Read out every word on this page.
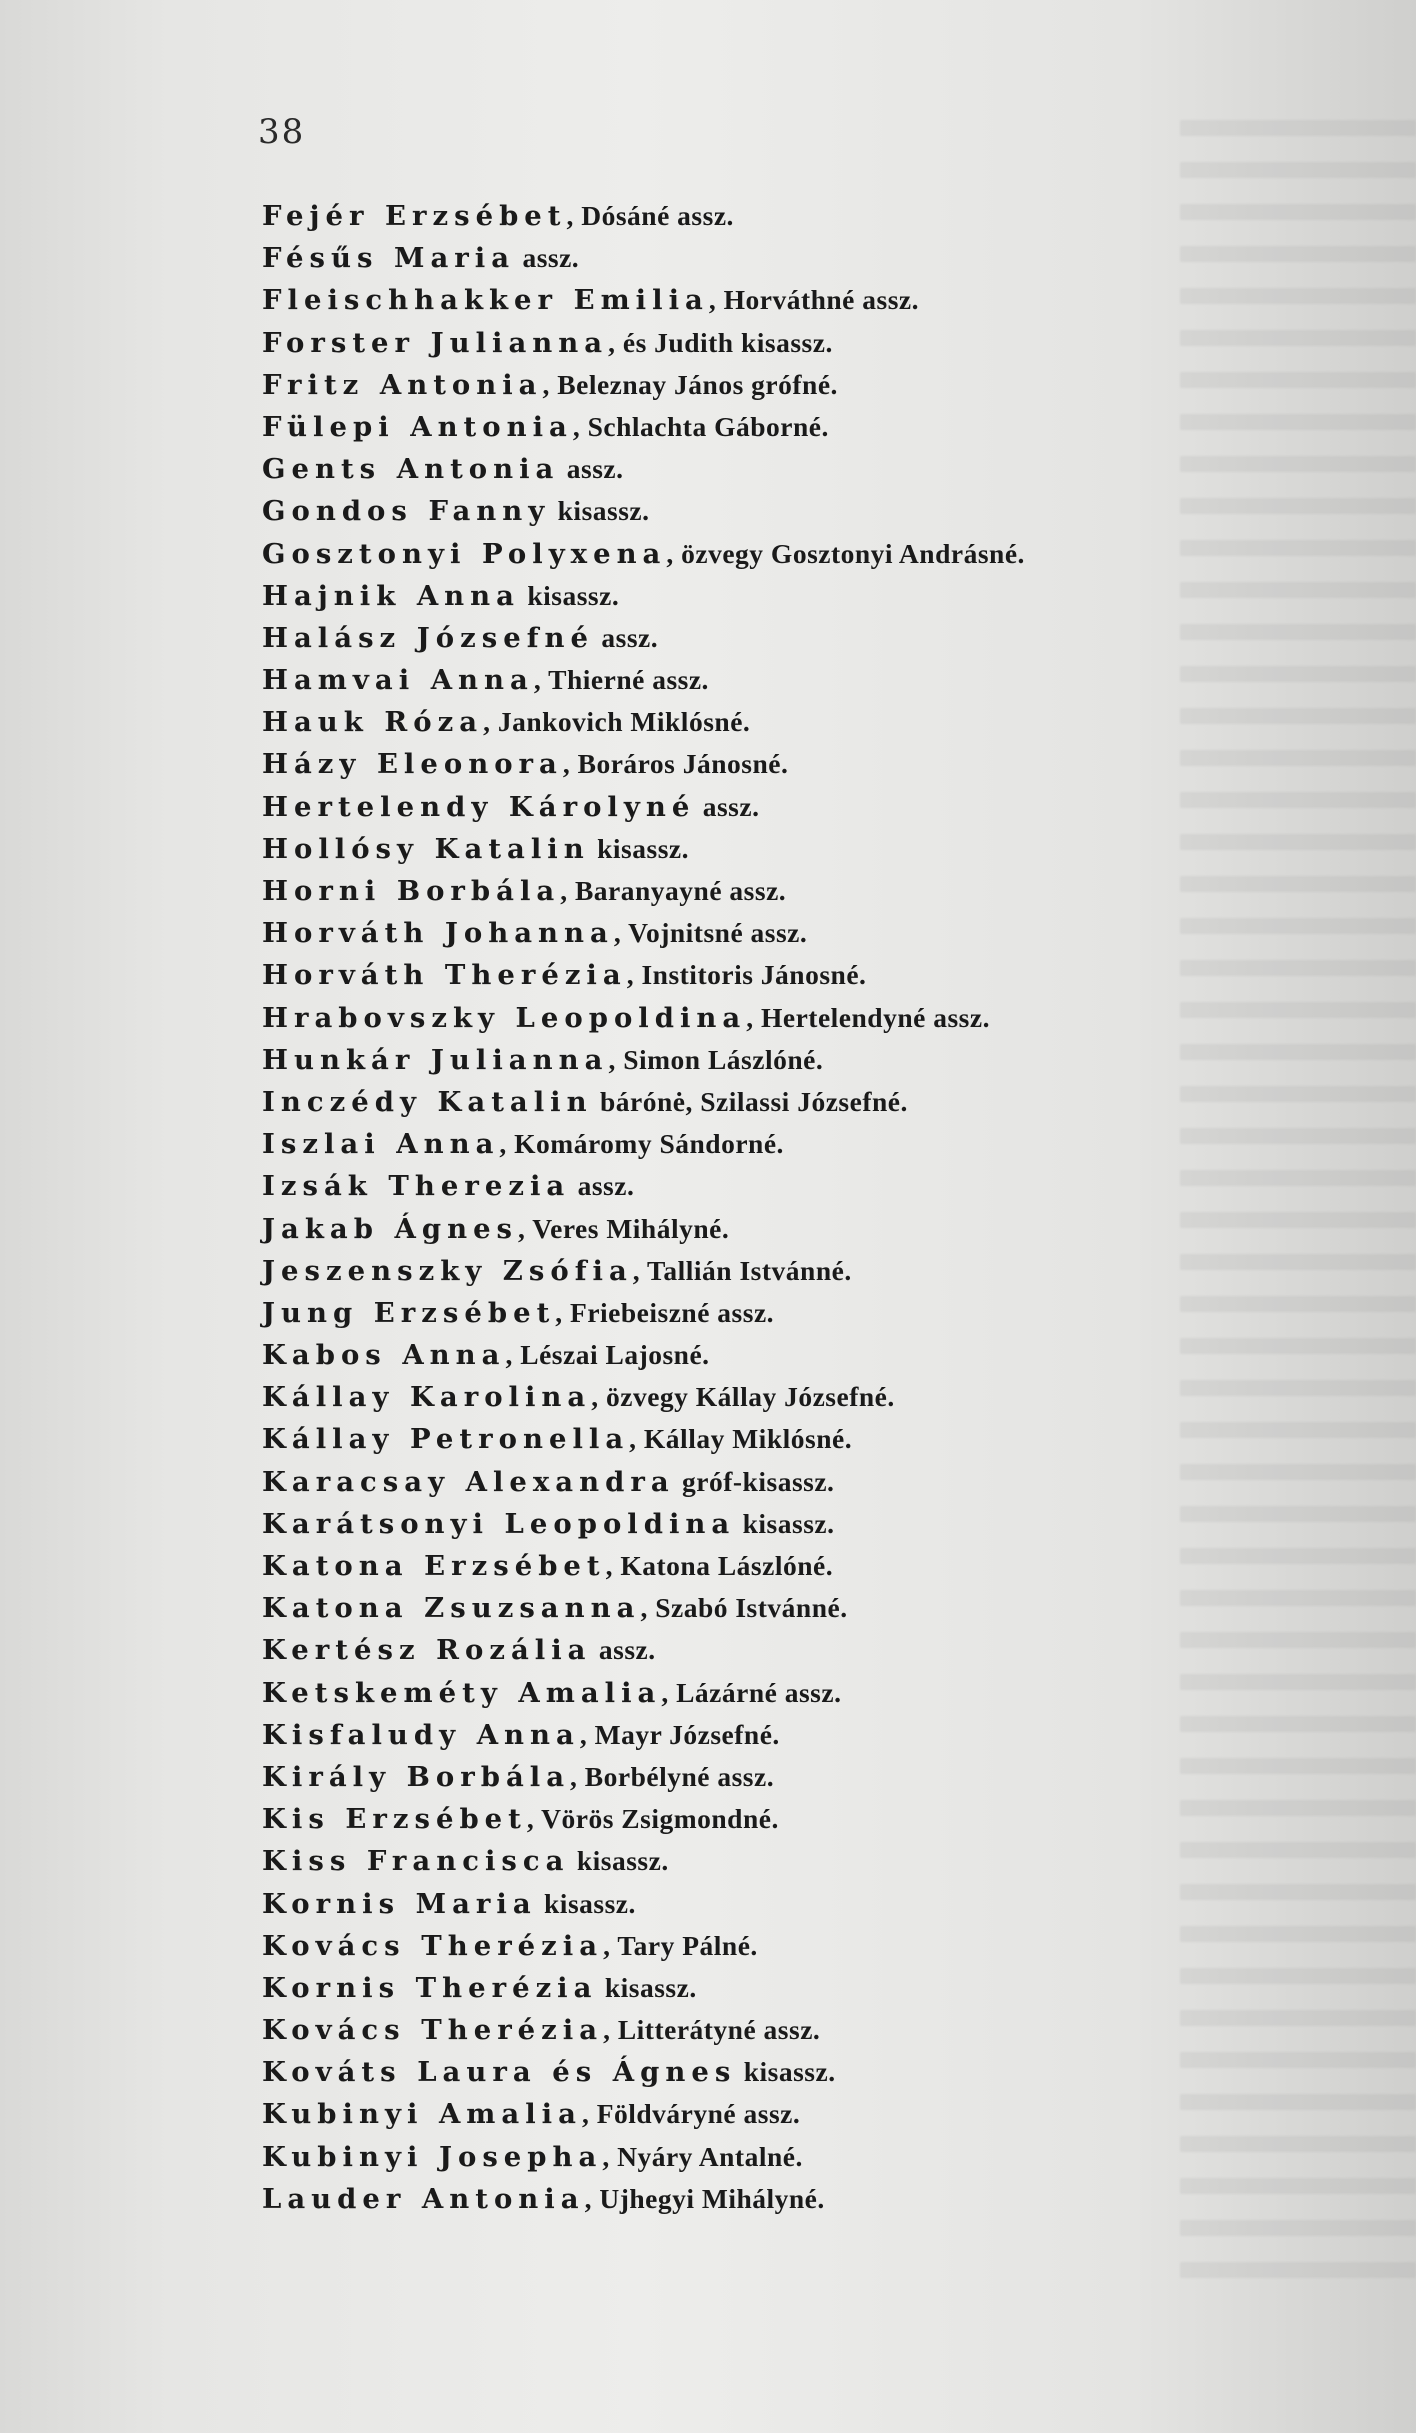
38
Fejér Erzsébet, Dósáné assz.
Fésűs Maria assz.
Fleischhakker Emilia, Horváthné assz.
Forster Julianna, és Judith kisassz.
Fritz Antonia, Beleznay János grófné.
Fülepi Antonia, Schlachta Gáborné.
Gents Antonia assz.
Gondos Fanny kisassz.
Gosztonyi Polyxena, özvegy Gosztonyi Andrásné.
Hajnik Anna kisassz.
Halász Józsefné assz.
Hamvai Anna, Thierné assz.
Hauk Róza, Jankovich Miklósné.
Házy Eleonora, Boráros Jánosné.
Hertelendy Károlyné assz.
Hollósy Katalin kisassz.
Horni Borbála, Baranyayné assz.
Horváth Johanna, Vojnitsné assz.
Horváth Therézia, Institoris Jánosné.
Hrabovszky Leopoldina, Hertelendyné assz.
Hunkár Julianna, Simon Lászlóné.
Inczédy Katalin bárónė, Szilassi Józsefné.
Iszlai Anna, Komáromy Sándorné.
Izsák Therezia assz.
Jakab Ágnes, Veres Mihályné.
Jeszenszky Zsófia, Tallián Istvánné.
Jung Erzsébet, Friebeiszné assz.
Kabos Anna, Lészai Lajosné.
Kállay Karolina, özvegy Kállay Józsefné.
Kállay Petronella, Kállay Miklósné.
Karacsay Alexandra gróf-kisassz.
Karátsonyi Leopoldina kisassz.
Katona Erzsébet, Katona Lászlóné.
Katona Zsuzsanna, Szabó Istvánné.
Kertész Rozália assz.
Ketskeméty Amalia, Lázárné assz.
Kisfaludy Anna, Mayr Józsefné.
Király Borbála, Borbélyné assz.
Kis Erzsébet, Vörös Zsigmondné.
Kiss Francisca kisassz.
Kornis Maria kisassz.
Kovács Therézia, Tary Pálné.
Kornis Therézia kisassz.
Kovács Therézia, Litterátyné assz.
Kováts Laura és Ágnes kisassz.
Kubinyi Amalia, Földváryné assz.
Kubinyi Josepha, Nyáry Antalné.
Lauder Antonia, Ujhegyi Mihályné.
